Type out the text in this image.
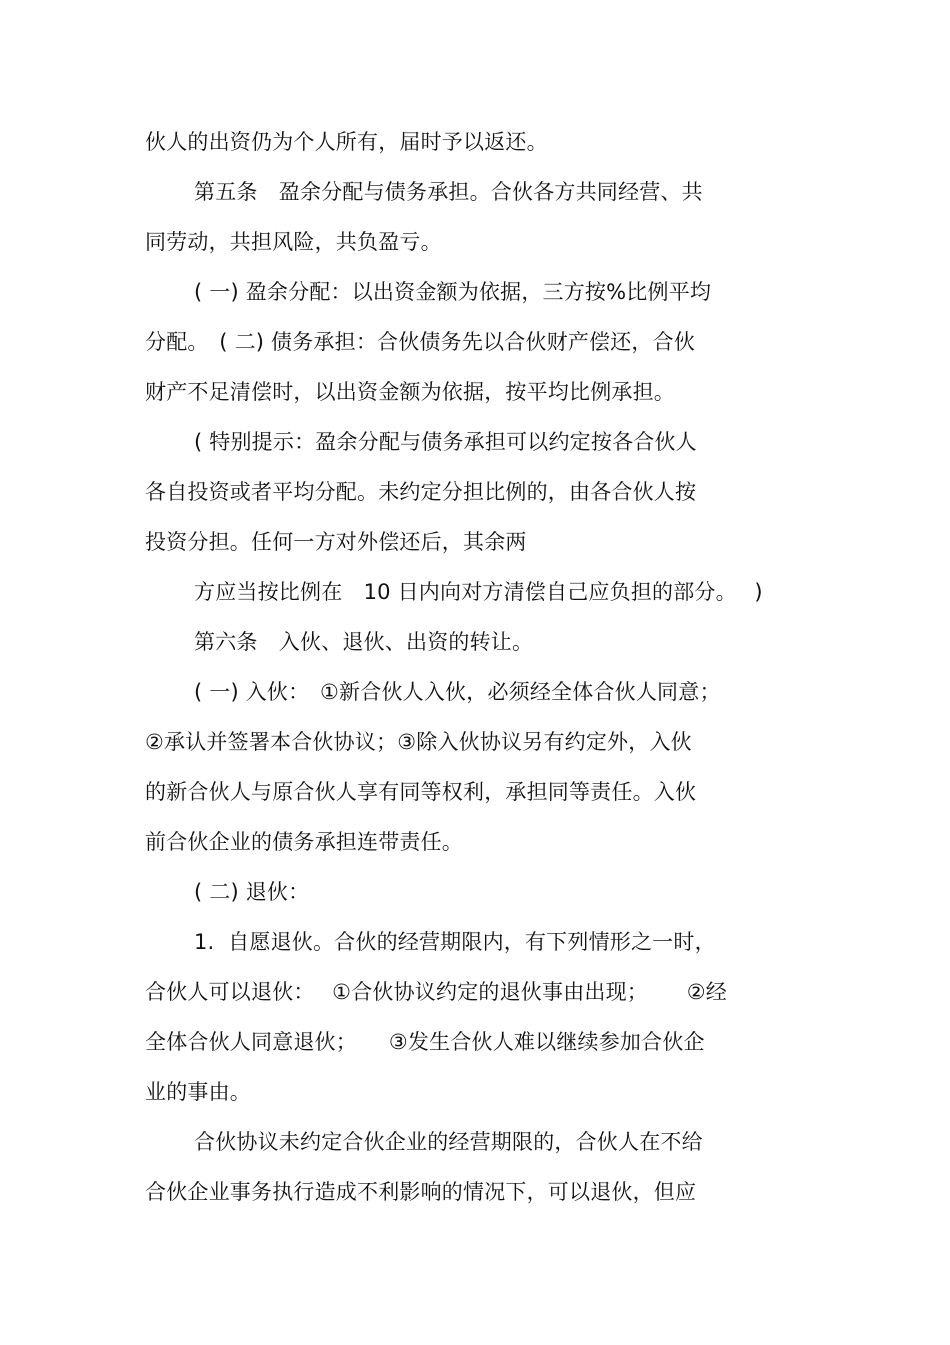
伙人的出资仍为个人所有，届时予以返还。
第五条　盈余分配与债务承担。合伙各方共同经营、共
同劳动，共担风险，共负盈亏。
( 一) 盈余分配：以出资金额为依据，三方按%比例平均
分配。　( 二) 债务承担：合伙债务先以合伙财产偿还，合伙
财产不足清偿时，以出资金额为依据，按平均比例承担。
( 特别提示：盈余分配与债务承担可以约定按各合伙人
各自投资或者平均分配。未约定分担比例的，由各合伙人按
投资分担。任何一方对外偿还后，其余两
方应当按比例在　10 日内向对方清偿自己应负担的部分。　 )
第六条　入伙、退伙、出资的转让。
( 一) 入伙：　①新合伙人入伙，必须经全体合伙人同意；
②承认并签署本合伙协议；③除入伙协议另有约定外，入伙
的新合伙人与原合伙人享有同等权利，承担同等责任。入伙
前合伙企业的债务承担连带责任。
( 二) 退伙：
1.  自愿退伙。合伙的经营期限内，有下列情形之一时，
合伙人可以退伙：　 ①合伙协议约定的退伙事由出现；　　 ②经
全体合伙人同意退伙；　　③发生合伙人难以继续参加合伙企
业的事由。
合伙协议未约定合伙企业的经营期限的，合伙人在不给
合伙企业事务执行造成不利影响的情况下，可以退伙，但应
